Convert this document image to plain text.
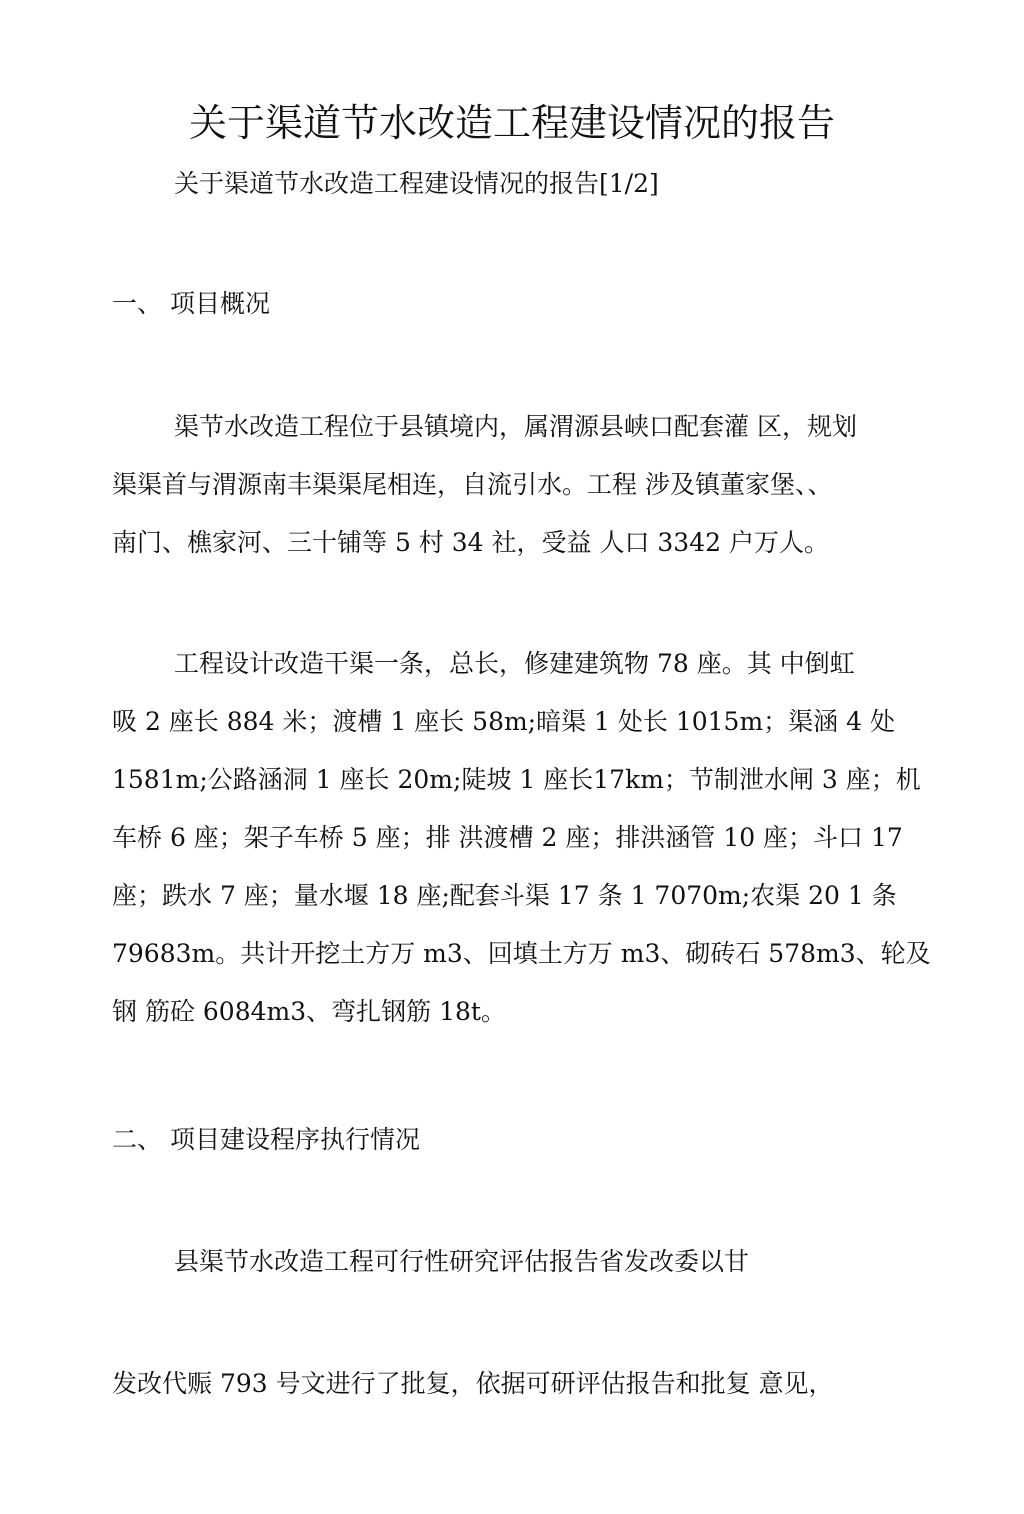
关于渠道节水改造工程建设情况的报告
关于渠道节水改造工程建设情况的报告[1/2]
一、 项目概况
渠节水改造工程位于县镇境内，属渭源县峡口配套灌 区，规划
渠渠首与渭源南丰渠渠尾相连，自流引水。工程 涉及镇董家堡、、
南门、樵家河、三十铺等 5 村 34 社，受益 人口 3342 户万人。
工程设计改造干渠一条，总长，修建建筑物 78 座。其 中倒虹
吸 2 座长 884 米；渡槽 1 座长 58m;暗渠 1 处长 1015m；渠涵 4 处
1581m;公路涵洞 1 座长 20m;陡坡 1 座长17km；节制泄水闸 3 座；机
车桥 6 座；架子车桥 5 座；排 洪渡槽 2 座；排洪涵管 10 座；斗口 17
座；跌水 7 座；量水堰 18 座;配套斗渠 17 条 1 7070m;农渠 20 1 条
79683m。共计开挖土方万 m3、回填土方万 m3、砌砖石 578m3、轮及
钢 筋砼 6084m3、弯扎钢筋 18t。
二、 项目建设程序执行情况
县渠节水改造工程可行性研究评估报告省发改委以甘
发改代赈 793 号文进行了批复，依据可研评估报告和批复 意见，
